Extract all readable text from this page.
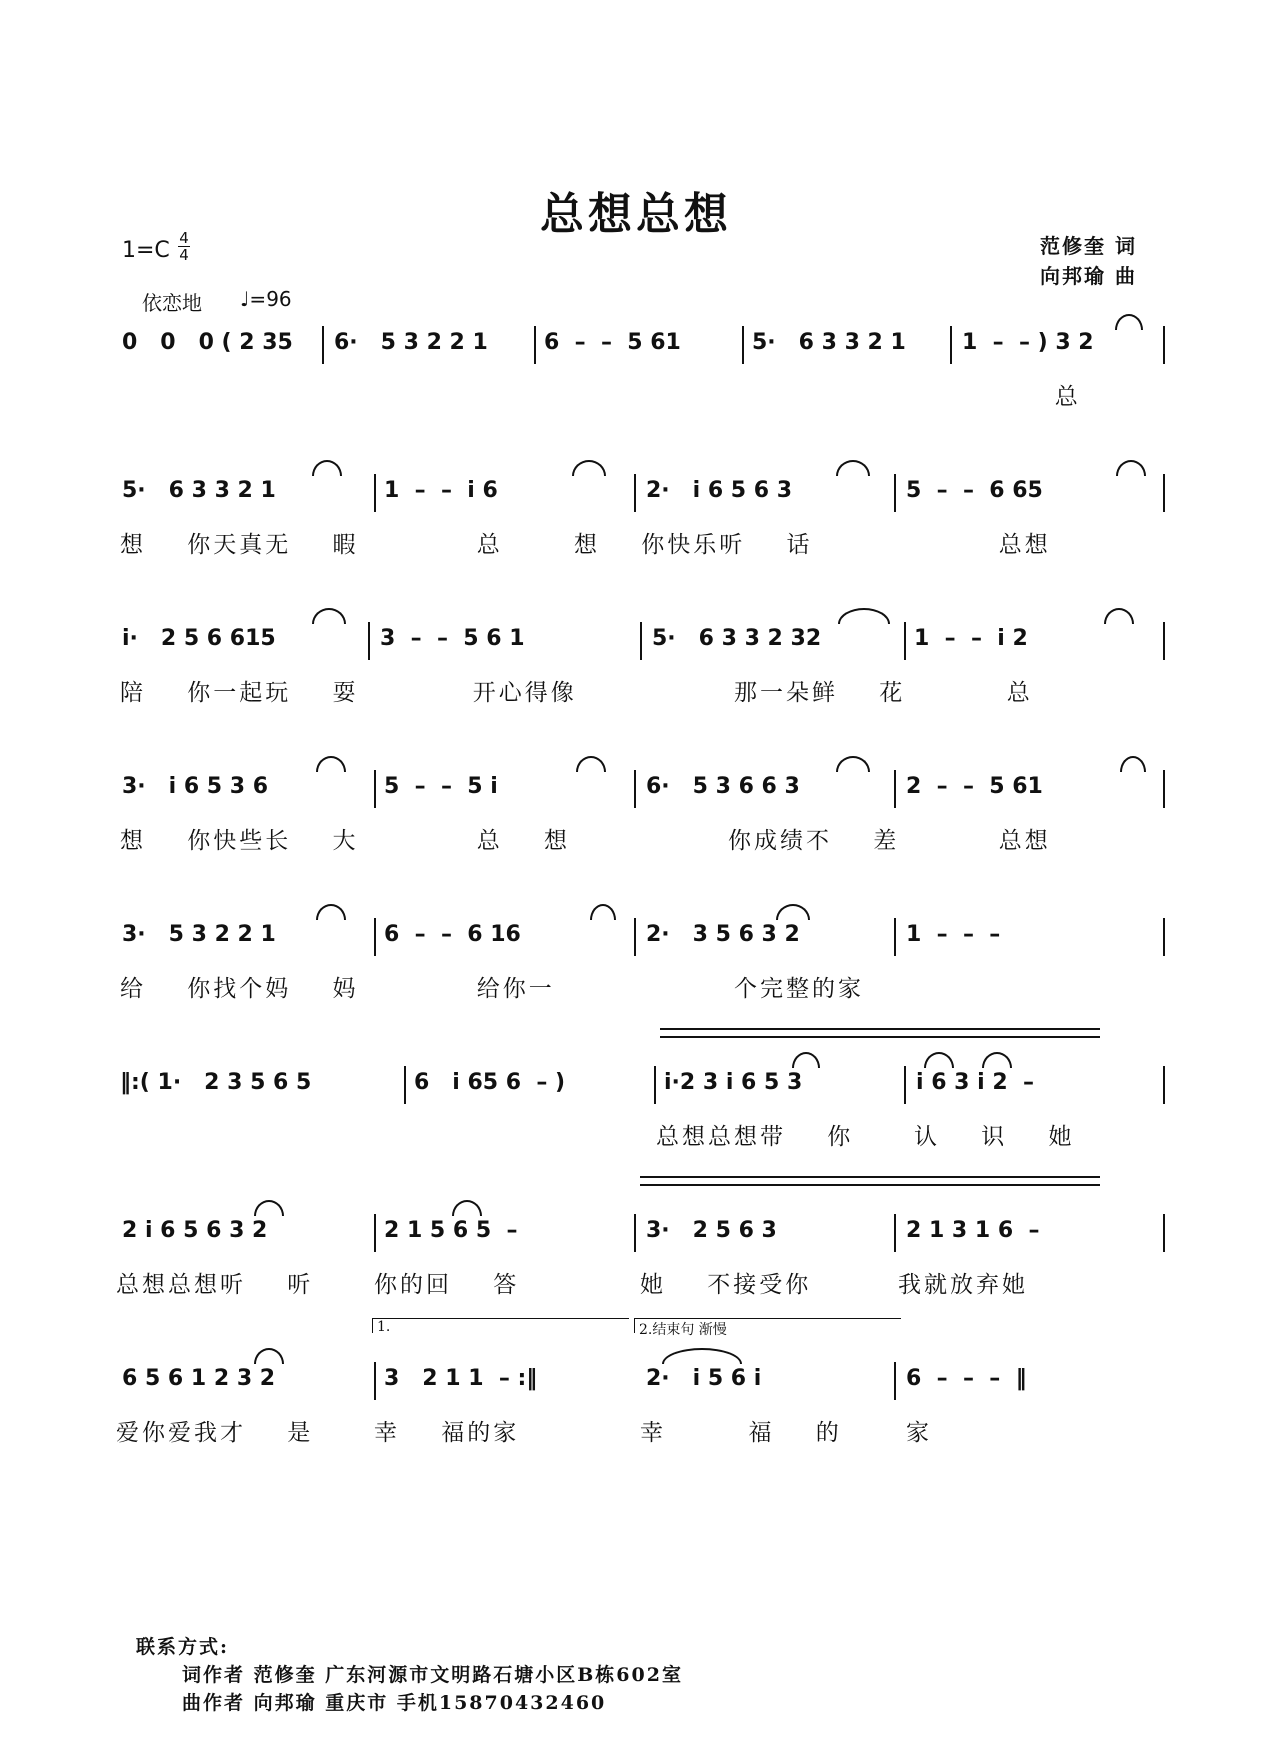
总想总想
1=C 4
4
依恋地 ♩=96
范修奎 词
向邦瑜 曲
0   0   0 ( 2 35 6·   5 3 2 2 1	6  –  –  5 61	5·   6 3 3 2 1	1  –  – ) 3 2
总
5·   6 3 3 2 1	1  –  –  i 6	2·   i 6 5 6 3	5  –  –  6 65
想    你天真无    暇 总	想    你快乐听    话	总想
i·   2 5 6 615	3  –  –  5 6 1	5·   6 3 3 2 32	1  –  –  i 2
陪    你一起玩    耍 开心得像	那一朵鲜    花 总
3·   i 6 5 3 6	5  –  –  5 i	6·   5 3 6 6 3	2  –  –  5 61
想    你快些长    大 总    想	你成绩不    差 总想
3·   5 3 2 2 1	6  –  –  6 16	2·   3 5 6 3 2	1  –  –  –
给    你找个妈    妈 给你一	个完整的家
‖:( 1·   2 3 5 6 5	6   i 65 6  – )	i·2 3 i 6 5 3	i 6 3 i 2  –
总想总想带    你	认    识    她
2 i 6 5 6 3 2	2 1 5 6 5  –	3·   2 5 6 3	2 1 3 1 6  –
总想总想听    听	你的回    答	她    不接受你	我就放弃她
1.	2.结束句 渐慢
6 5 6 1 2 3 2	3   2 1 1  – :‖	2·   i 5 6 i	6  –  –  –  ‖
爱你爱我才    是	幸    福的家	幸        福    的	家
联系方式:
词作者 范修奎 广东河源市文明路石塘小区B栋602室
曲作者 向邦瑜 重庆市 手机15870432460
